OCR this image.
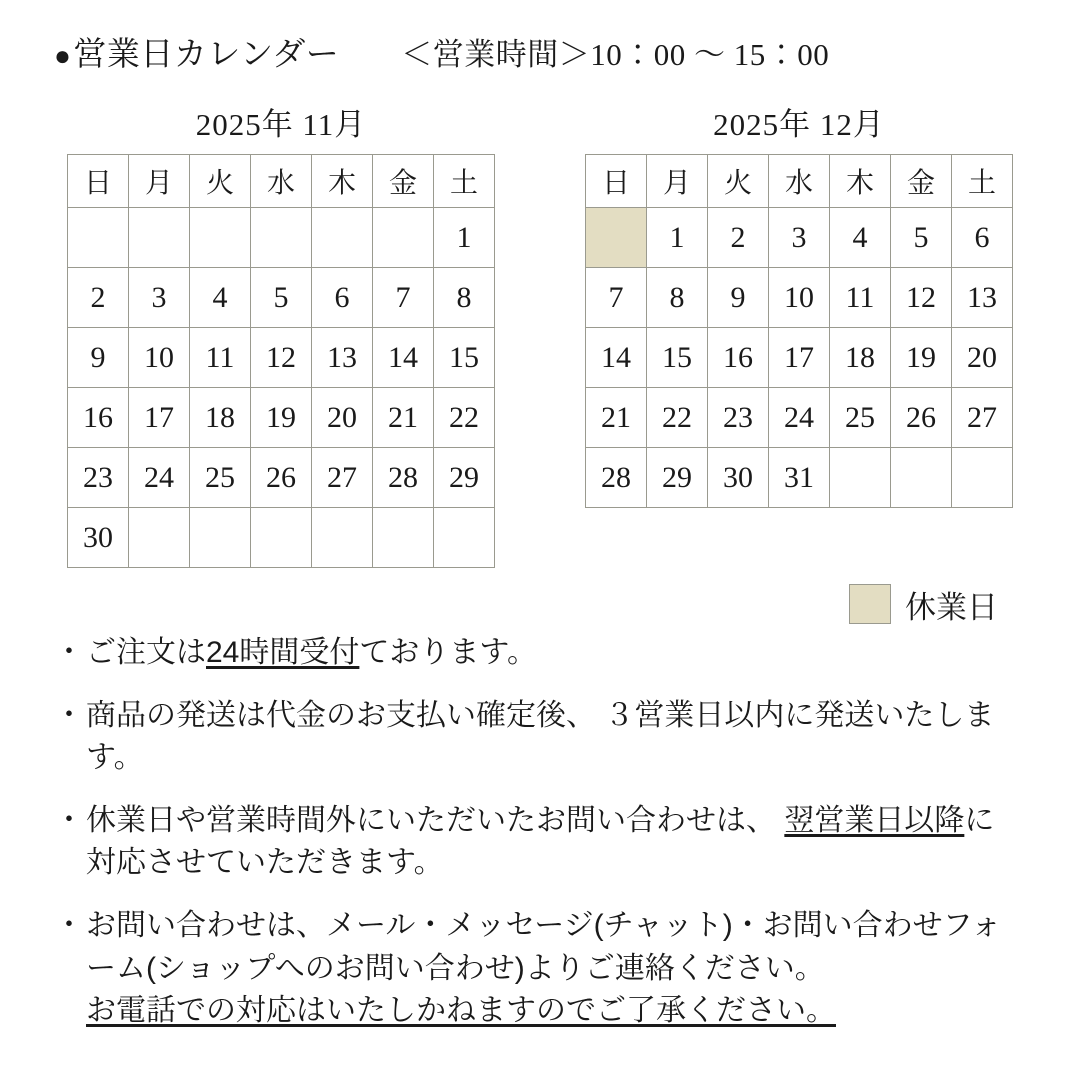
● 営業日カレンダー ＜営業時間＞10：00 〜 15：00
2025年 11月
日	月	火	水	木	金	土
						1
2	3	4	5	6	7	8
9	10	11	12	13	14	15
16	17	18	19	20	21	22
23	24	25	26	27	28	29
30						
2025年 12月
日	月	火	水	木	金	土
	1	2	3	4	5	6
7	8	9	10	11	12	13
14	15	16	17	18	19	20
21	22	23	24	25	26	27
28	29	30	31			
休業日
・ ご注文は24時間受付ております。
・ 商品の発送は代金のお支払い確定後、 ３営業日以内に発送いたします。
・ 休業日や営業時間外にいただいたお問い合わせは、 翌営業日以降に対応させていただきます。
・ お問い合わせは、メール・メッセージ(チャット)・お問い合わせフォーム(ショップへのお問い合わせ)よりご連絡ください。
お電話での対応はいたしかねますのでご了承ください。
